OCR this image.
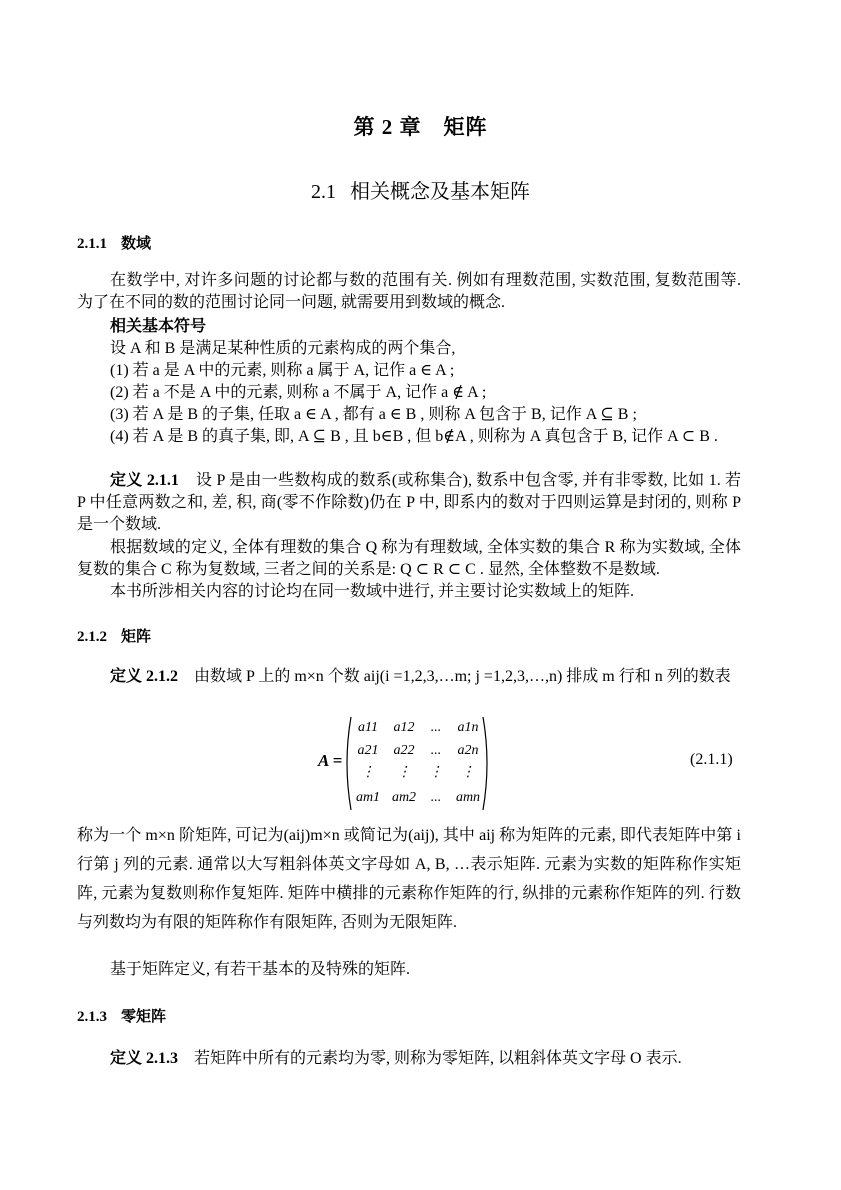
第 2 章 矩阵
2.1 相关概念及基本矩阵
2.1.1 数域

在数学中, 对许多问题的讨论都与数的范围有关. 例如有理数范围, 实数范围, 复数范围等. 为了在不同的数的范围讨论同一问题, 就需要用到数域的概念.

相关基本符号

设 A 和 B 是满足某种性质的元素构成的两个集合,

(1) 若 a 是 A 中的元素, 则称 a 属于 A, 记作 a ∈ A ;

(2) 若 a 不是 A 中的元素, 则称 a 不属于 A, 记作 a ∉ A ;

(3) 若 A 是 B 的子集, 任取 a ∈ A , 都有 a ∈ B , 则称 A 包含于 B, 记作 A ⊆ B ;

(4) 若 A 是 B 的真子集, 即, A ⊆ B , 且 b∈B , 但 b∉A , 则称为 A 真包含于 B, 记作 A ⊂ B .

定义 2.1.1 设 P 是由一些数构成的数系(或称集合), 数系中包含零, 并有非零数, 比如 1. 若 P 中任意两数之和, 差, 积, 商(零不作除数)仍在 P 中, 即系内的数对于四则运算是封闭的, 则称 P 是一个数域.

根据数域的定义, 全体有理数的集合 Q 称为有理数域, 全体实数的集合 R 称为实数域, 全体复数的集合 C 称为复数域, 三者之间的关系是: Q ⊂ R ⊂ C . 显然, 全体整数不是数域.

本书所涉相关内容的讨论均在同一数域中进行, 并主要讨论实数域上的矩阵.

2.1.2 矩阵

定义 2.1.2 由数域 P 上的 m×n 个数 aij(i =1,2,3,…m; j =1,2,3,…,n) 排成 m 行和 n 列的数表

A =
a11	a12	...	a1n
a21	a22	...	a2n
⋮	⋮	⋮	⋮
am1 am2	...	amn
(2.1.1)

称为一个 m×n 阶矩阵, 可记为(aij)m×n 或简记为(aij), 其中 aij 称为矩阵的元素, 即代表矩阵中第 i 行第 j 列的元素. 通常以大写粗斜体英文字母如 A, B, …表示矩阵. 元素为实数的矩阵称作实矩阵, 元素为复数则称作复矩阵. 矩阵中横排的元素称作矩阵的行, 纵排的元素称作矩阵的列. 行数与列数均为有限的矩阵称作有限矩阵, 否则为无限矩阵.

基于矩阵定义, 有若干基本的及特殊的矩阵.

2.1.3 零矩阵

定义 2.1.3 若矩阵中所有的元素均为零, 则称为零矩阵, 以粗斜体英文字母 O 表示.
